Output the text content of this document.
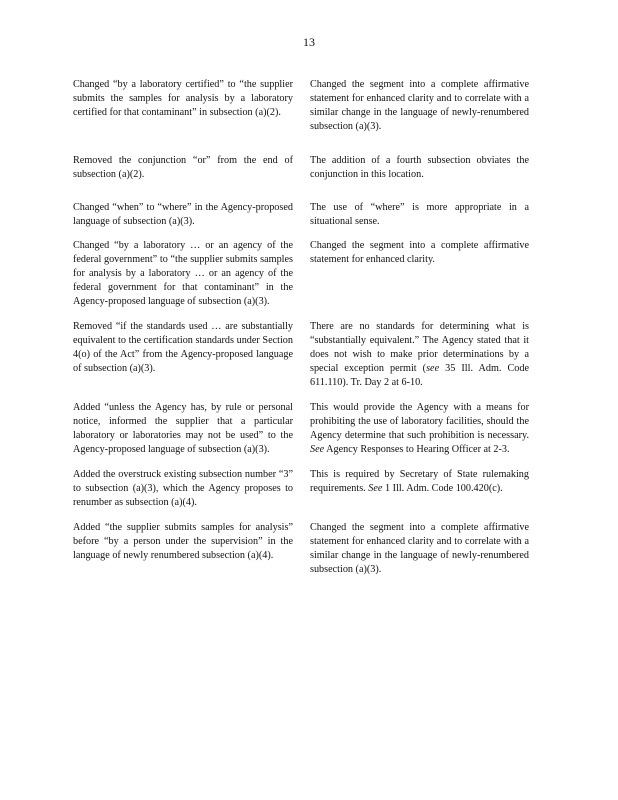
13
Changed “by a laboratory certified” to “the supplier submits the samples for analysis by a laboratory certified for that contaminant” in subsection (a)(2).
Changed the segment into a complete affirmative statement for enhanced clarity and to correlate with a similar change in the language of newly-renumbered subsection (a)(3).
Removed the conjunction “or” from the end of subsection (a)(2).
The addition of a fourth subsection obviates the conjunction in this location.
Changed “when” to “where” in the Agency-proposed language of subsection (a)(3).
The use of “where” is more appropriate in a situational sense.
Changed “by a laboratory … or an agency of the federal government” to “the supplier submits samples for analysis by a laboratory … or an agency of the federal government for that contaminant” in the Agency-proposed language of subsection (a)(3).
Changed the segment into a complete affirmative statement for enhanced clarity.
Removed “if the standards used … are substantially equivalent to the certification standards under Section 4(o) of the Act” from the Agency-proposed language of subsection (a)(3).
There are no standards for determining what is “substantially equivalent.” The Agency stated that it does not wish to make prior determinations by a special exception permit (see 35 Ill. Adm. Code 611.110). Tr. Day 2 at 6-10.
Added “unless the Agency has, by rule or personal notice, informed the supplier that a particular laboratory or laboratories may not be used” to the Agency-proposed language of subsection (a)(3).
This would provide the Agency with a means for prohibiting the use of laboratory facilities, should the Agency determine that such prohibition is necessary. See Agency Responses to Hearing Officer at 2-3.
Added the overstruck existing subsection number “3” to subsection (a)(3), which the Agency proposes to renumber as subsection (a)(4).
This is required by Secretary of State rulemaking requirements. See 1 Ill. Adm. Code 100.420(c).
Added “the supplier submits samples for analysis” before “by a person under the supervision” in the language of newly renumbered subsection (a)(4).
Changed the segment into a complete affirmative statement for enhanced clarity and to correlate with a similar change in the language of newly-renumbered subsection (a)(3).
